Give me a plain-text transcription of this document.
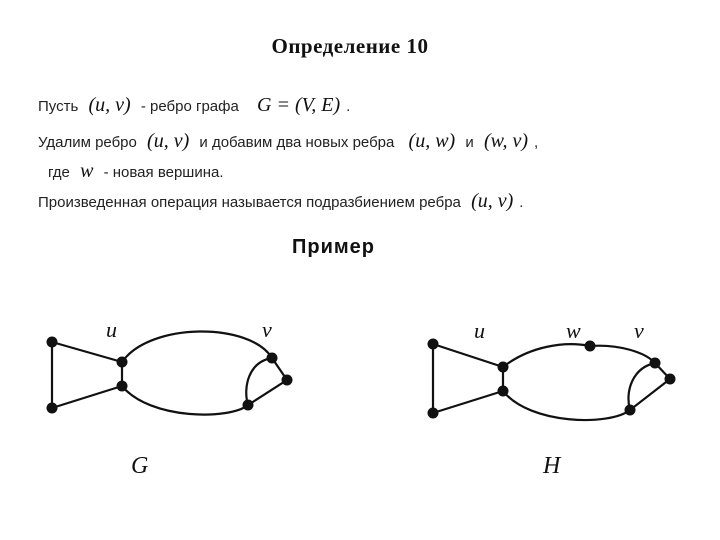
Определение 10
Пусть (u, v) - ребро графа G = (V, E) .
Удалим ребро (u, v) и добавим два новых ребра (u, w) и (w, v) ,
где w - новая вершина.
Произведенная операция называется подразбиением ребра (u, v) .
Пример
u	v
G
u	w v
H
